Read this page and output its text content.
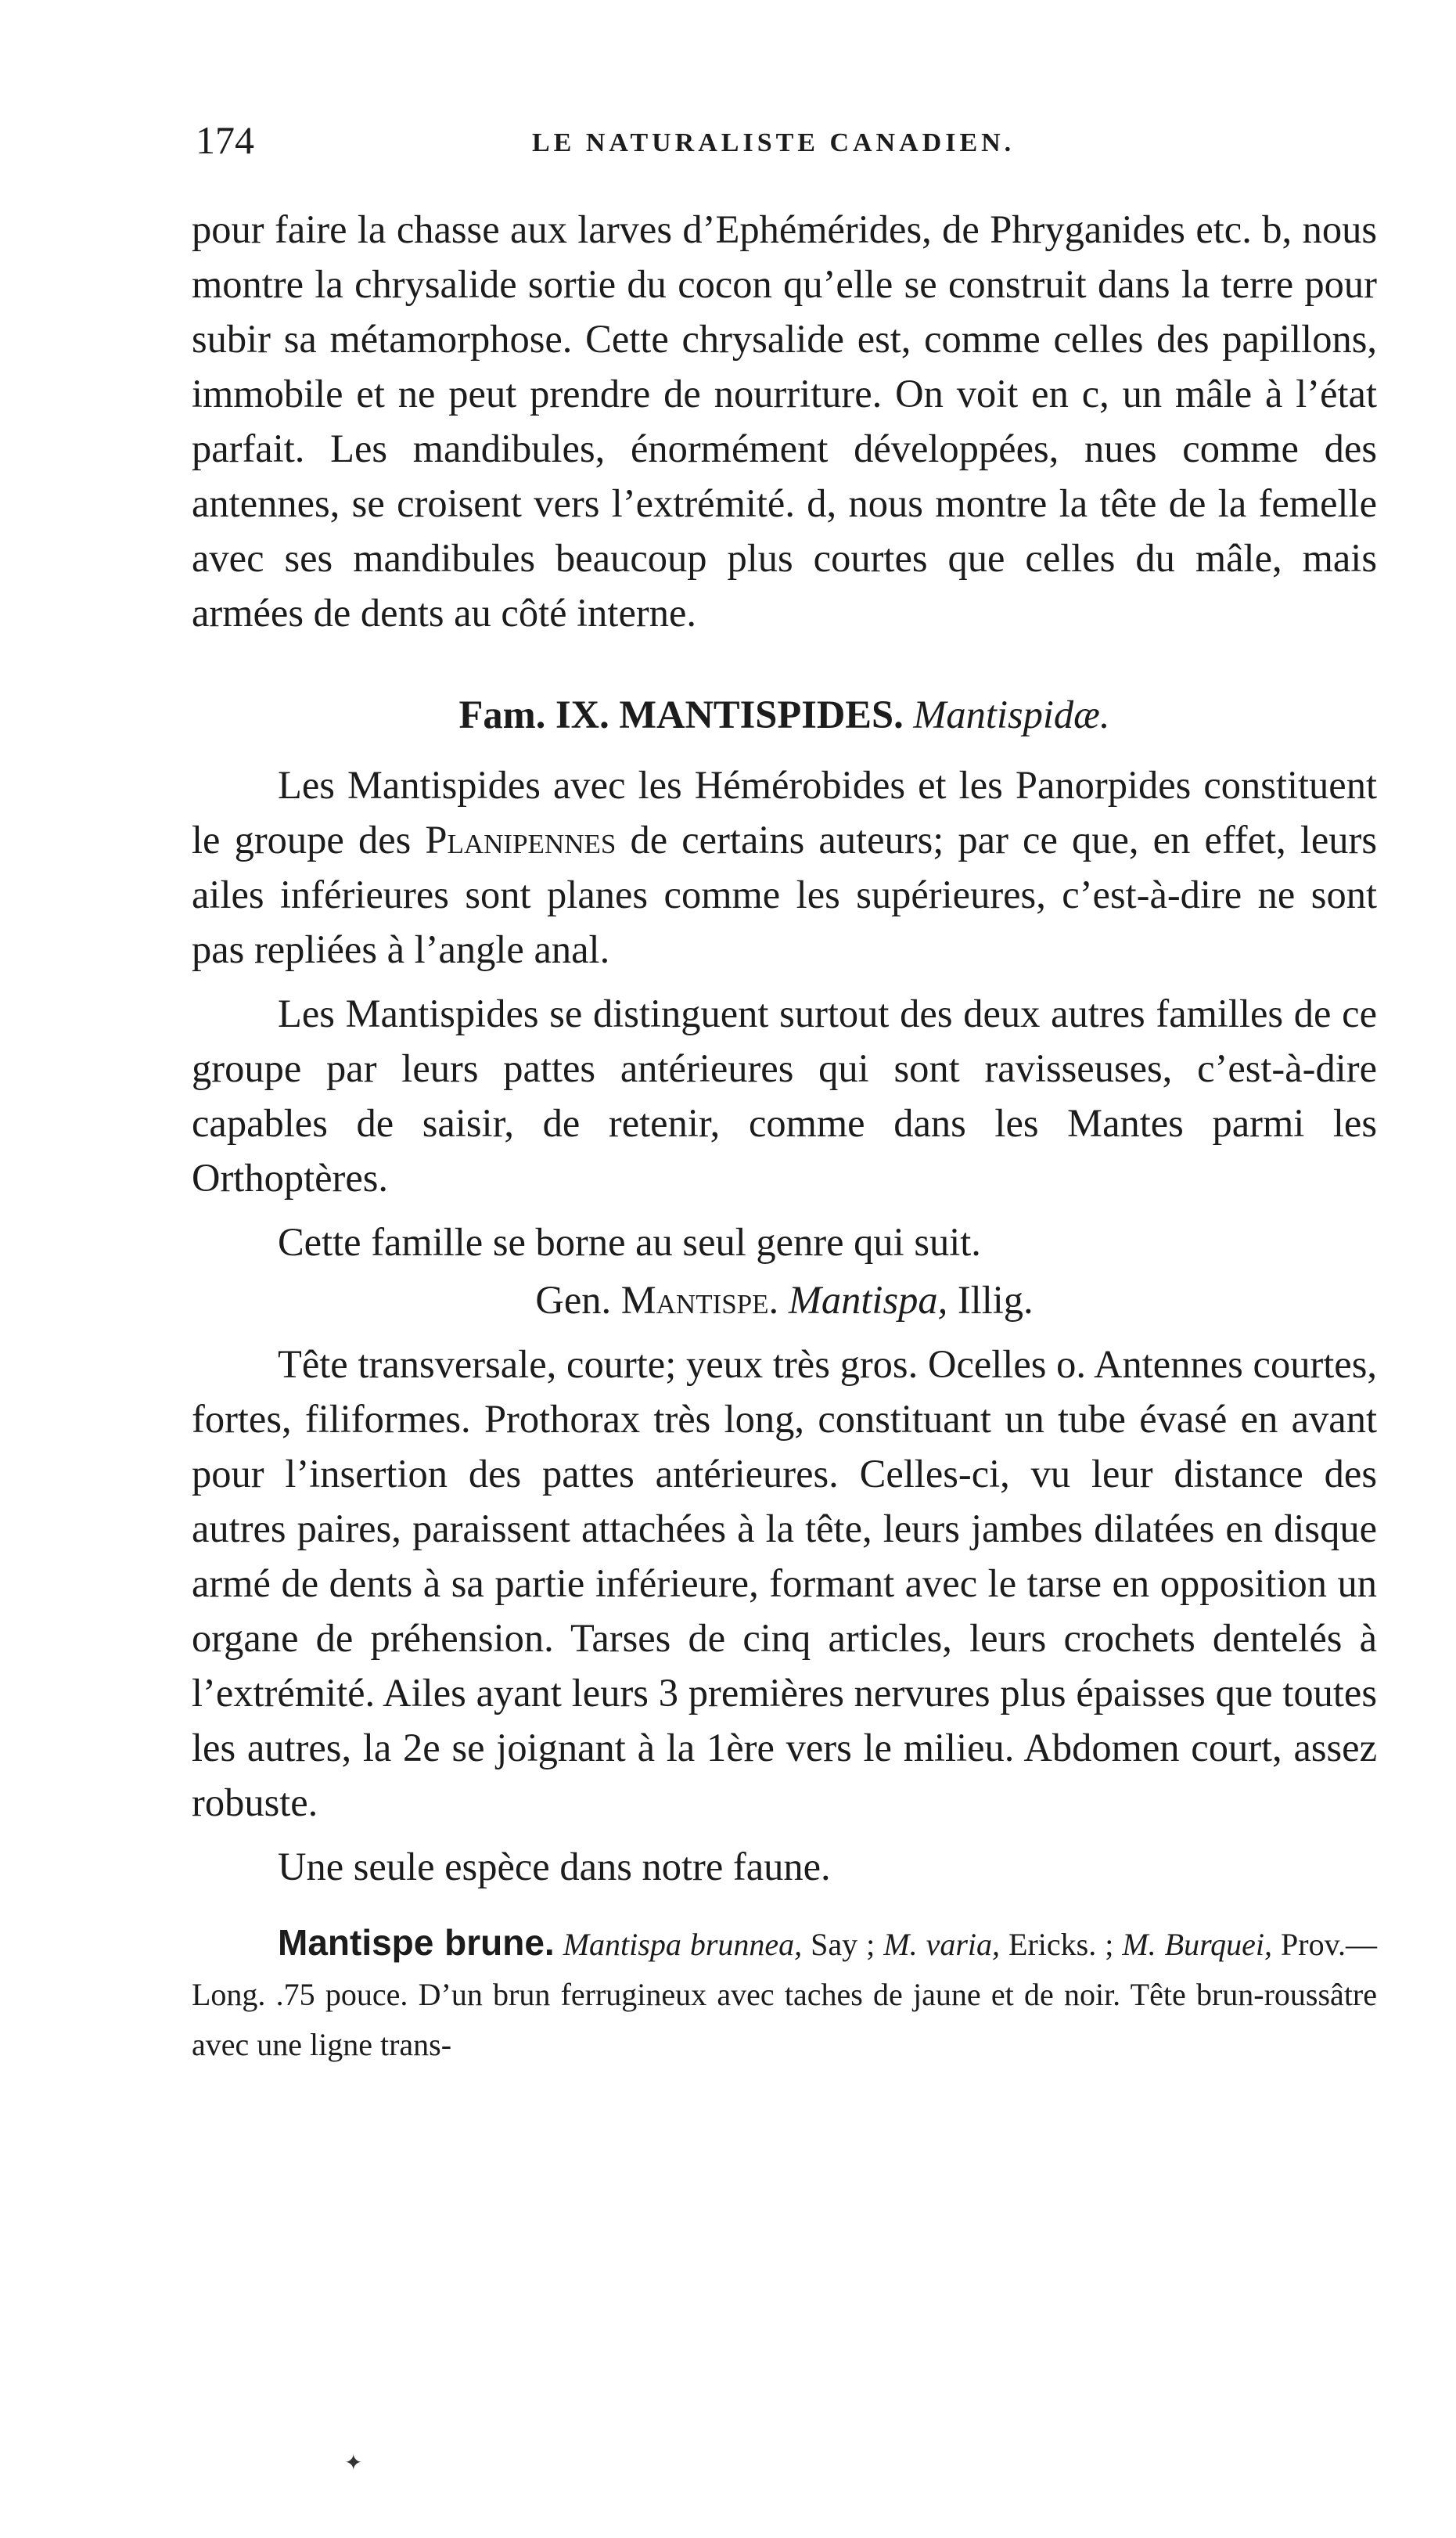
174	LE NATURALISTE CANADIEN.

pour faire la chasse aux larves d’Ephémérides, de Phryganides etc. b, nous montre la chrysalide sortie du cocon qu’elle se construit dans la terre pour subir sa métamorphose. Cette chrysalide est, comme celles des papillons, immobile et ne peut prendre de nourriture. On voit en c, un mâle à l’état parfait. Les mandibules, énormément développées, nues comme des antennes, se croisent vers l’extrémité. d, nous montre la tête de la femelle avec ses mandibules beaucoup plus courtes que celles du mâle, mais armées de dents au côté interne.

Fam. IX. MANTISPIDES. Mantispidæ.

Les Mantispides avec les Hémérobides et les Panorpides constituent le groupe des Planipennes de certains auteurs; par ce que, en effet, leurs ailes inférieures sont planes comme les supérieures, c’est-à-dire ne sont pas repliées à l’angle anal.

Les Mantispides se distinguent surtout des deux autres familles de ce groupe par leurs pattes antérieures qui sont ravisseuses, c’est-à-dire capables de saisir, de retenir, comme dans les Mantes parmi les Orthoptères.

Cette famille se borne au seul genre qui suit.

Gen. Mantispe. Mantispa, Illig.

Tête transversale, courte; yeux très gros. Ocelles o. Antennes courtes, fortes, filiformes. Prothorax très long, constituant un tube évasé en avant pour l’insertion des pattes antérieures. Celles-ci, vu leur distance des autres paires, paraissent attachées à la tête, leurs jambes dilatées en disque armé de dents à sa partie inférieure, formant avec le tarse en opposition un organe de préhension. Tarses de cinq articles, leurs crochets dentelés à l’extrémité. Ailes ayant leurs 3 premières nervures plus épaisses que toutes les autres, la 2e se joignant à la 1ère vers le milieu. Abdomen court, assez robuste.

Une seule espèce dans notre faune.

Mantispe brune. Mantispa brunnea, Say ; M. varia, Ericks. ; M. Burquei, Prov.—Long. .75 pouce. D’un brun ferrugineux avec taches de jaune et de noir. Tête brun-roussâtre avec une ligne trans-

✦
